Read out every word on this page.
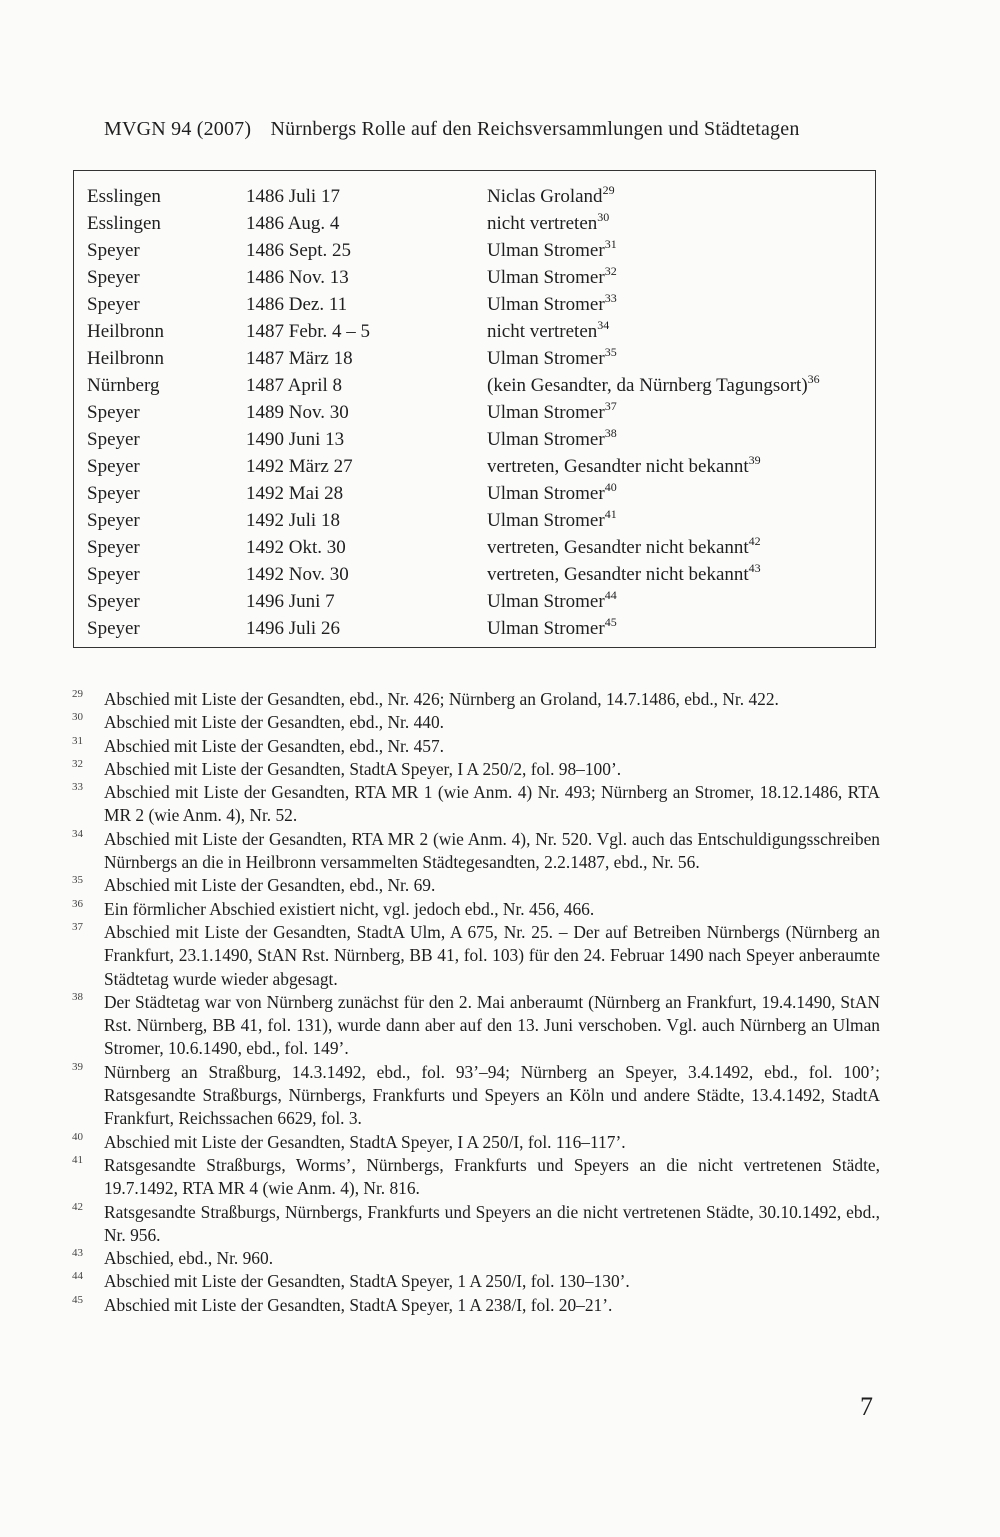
MVGN 94 (2007) Nürnbergs Rolle auf den Reichsversammlungen und Städtetagen
Esslingen	1486 Juli 17	Niclas Groland$^{29}$
Esslingen	1486 Aug. 4	nicht vertreten$^{30}$
Speyer	1486 Sept. 25	Ulman Stromer$^{31}$
Speyer	1486 Nov. 13	Ulman Stromer$^{32}$
Speyer	1486 Dez. 11	Ulman Stromer$^{33}$
Heilbronn	1487 Febr. 4 – 5	nicht vertreten$^{34}$
Heilbronn	1487 März 18	Ulman Stromer$^{35}$
Nürnberg	1487 April 8	(kein Gesandter, da Nürnberg Tagungsort)$^{36}$
Speyer	1489 Nov. 30	Ulman Stromer$^{37}$
Speyer	1490 Juni 13	Ulman Stromer$^{38}$
Speyer	1492 März 27	vertreten, Gesandter nicht bekannt$^{39}$
Speyer	1492 Mai 28	Ulman Stromer$^{40}$
Speyer	1492 Juli 18	Ulman Stromer$^{41}$
Speyer	1492 Okt. 30	vertreten, Gesandter nicht bekannt$^{42}$
Speyer	1492 Nov. 30	vertreten, Gesandter nicht bekannt$^{43}$
Speyer	1496 Juni 7	Ulman Stromer$^{44}$
Speyer	1496 Juli 26	Ulman Stromer$^{45}$
29 Abschied mit Liste der Gesandten, ebd., Nr. 426; Nürnberg an Groland, 14.7.1486, ebd., Nr. 422.
30 Abschied mit Liste der Gesandten, ebd., Nr. 440.
31 Abschied mit Liste der Gesandten, ebd., Nr. 457.
32 Abschied mit Liste der Gesandten, StadtA Speyer, I A 250/2, fol. 98–100’.
33 Abschied mit Liste der Gesandten, RTA MR 1 (wie Anm. 4) Nr. 493; Nürnberg an Stromer, 18.12.1486, RTA MR 2 (wie Anm. 4), Nr. 52.
34 Abschied mit Liste der Gesandten, RTA MR 2 (wie Anm. 4), Nr. 520. Vgl. auch das Entschuldigungsschreiben Nürnbergs an die in Heilbronn versammelten Städtegesandten, 2.2.1487, ebd., Nr. 56.
35 Abschied mit Liste der Gesandten, ebd., Nr. 69.
36 Ein förmlicher Abschied existiert nicht, vgl. jedoch ebd., Nr. 456, 466.
37 Abschied mit Liste der Gesandten, StadtA Ulm, A 675, Nr. 25. – Der auf Betreiben Nürnbergs (Nürnberg an Frankfurt, 23.1.1490, StAN Rst. Nürnberg, BB 41, fol. 103) für den 24. Februar 1490 nach Speyer anberaumte Städtetag wurde wieder abgesagt.
38 Der Städtetag war von Nürnberg zunächst für den 2. Mai anberaumt (Nürnberg an Frankfurt, 19.4.1490, StAN Rst. Nürnberg, BB 41, fol. 131), wurde dann aber auf den 13. Juni verschoben. Vgl. auch Nürnberg an Ulman Stromer, 10.6.1490, ebd., fol. 149’.
39 Nürnberg an Straßburg, 14.3.1492, ebd., fol. 93’–94; Nürnberg an Speyer, 3.4.1492, ebd., fol. 100’; Ratsgesandte Straßburgs, Nürnbergs, Frankfurts und Speyers an Köln und andere Städte, 13.4.1492, StadtA Frankfurt, Reichssachen 6629, fol. 3.
40 Abschied mit Liste der Gesandten, StadtA Speyer, I A 250/I, fol. 116–117’.
41 Ratsgesandte Straßburgs, Worms’, Nürnbergs, Frankfurts und Speyers an die nicht vertretenen Städte, 19.7.1492, RTA MR 4 (wie Anm. 4), Nr. 816.
42 Ratsgesandte Straßburgs, Nürnbergs, Frankfurts und Speyers an die nicht vertretenen Städte, 30.10.1492, ebd., Nr. 956.
43 Abschied, ebd., Nr. 960.
44 Abschied mit Liste der Gesandten, StadtA Speyer, 1 A 250/I, fol. 130–130’.
45 Abschied mit Liste der Gesandten, StadtA Speyer, 1 A 238/I, fol. 20–21’.
7
